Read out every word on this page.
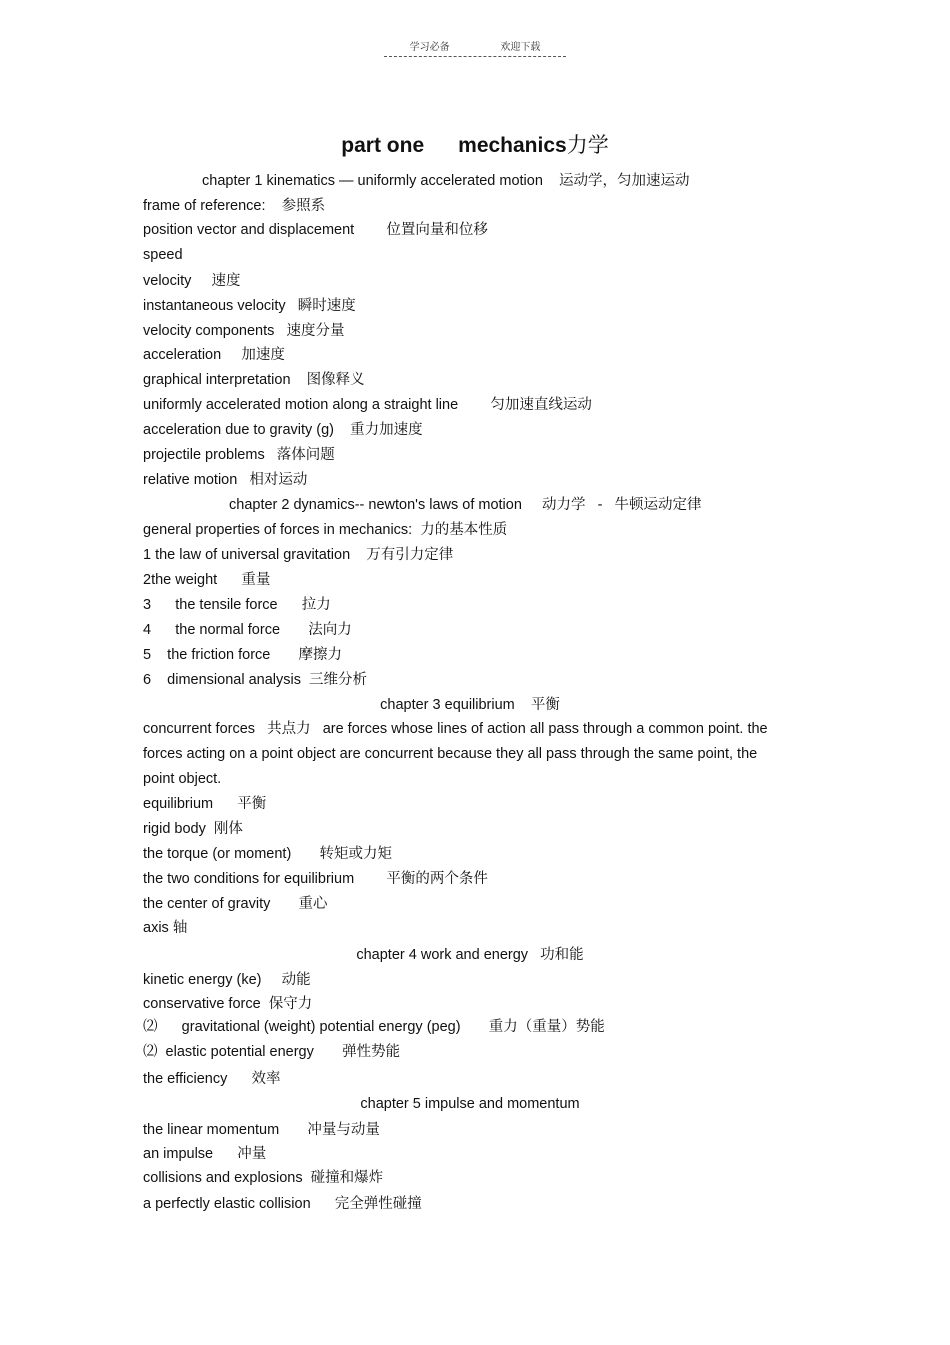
学习必备	欢迎下载
part one mechanics力学
chapter 1 kinematics — uniformly accelerated motion    运动学，匀加速运动
frame of reference:    参照系
position vector and displacement        位置向量和位移
speed
velocity     速度
instantaneous velocity   瞬时速度
velocity components   速度分量
acceleration     加速度
graphical interpretation    图像释义
uniformly accelerated motion along a straight line        匀加速直线运动
acceleration due to gravity (g)    重力加速度
projectile problems   落体问题
relative motion   相对运动
chapter 2 dynamics-- newton's laws of motion     动力学   -   牛顿运动定律
general properties of forces in mechanics:  力的基本性质
1 the law of universal gravitation    万有引力定律
2the weight      重量
3      the tensile force      拉力
4      the normal force       法向力
5    the friction force       摩擦力
6    dimensional analysis  三维分析
chapter 3 equilibrium    平衡
concurrent forces   共点力   are forces whose lines of action all pass through a common point. the
forces acting on a point object are concurrent because they all pass through the same point, the
point object.
equilibrium      平衡
rigid body  刚体
the torque (or moment)       转矩或力矩
the two conditions for equilibrium        平衡的两个条件
the center of gravity       重心
axis 轴
chapter 4 work and energy   功和能
kinetic energy (ke)     动能
conservative force  保守力
⑵      gravitational (weight) potential energy (peg)       重力（重量）势能
⑵  elastic potential energy       弹性势能
the efficiency      效率
chapter 5 impulse and momentum
the linear momentum       冲量与动量
an impulse      冲量
collisions and explosions  碰撞和爆炸
a perfectly elastic collision      完全弹性碰撞
